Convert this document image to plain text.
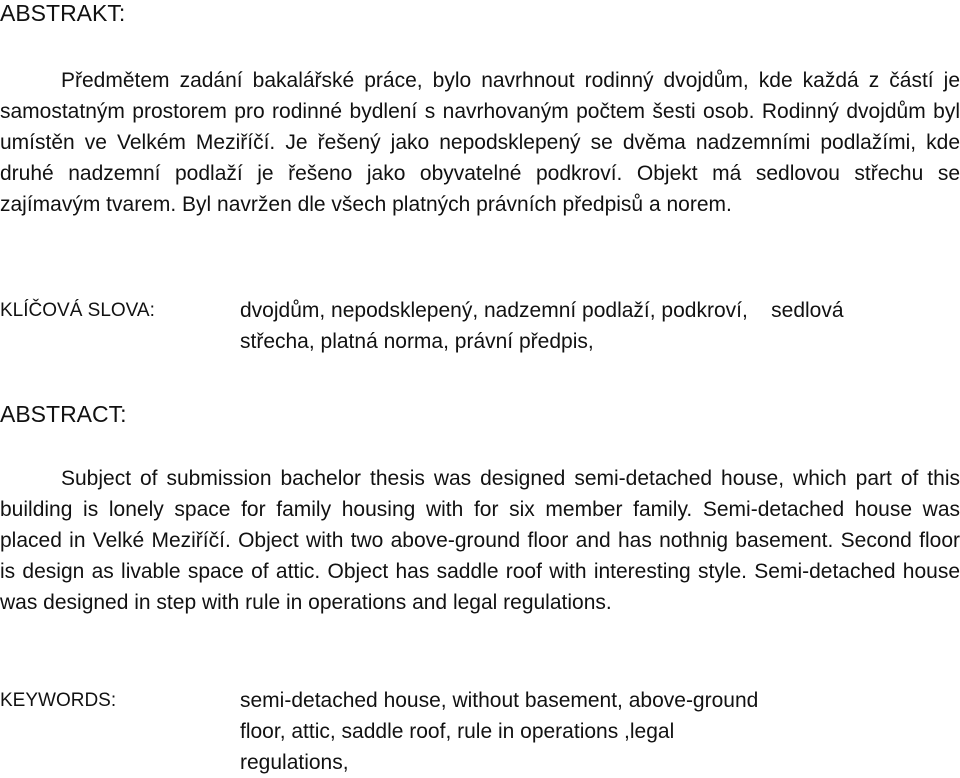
ABSTRAKT:

Předmětem zadání bakalářské práce, bylo navrhnout rodinný dvojdům, kde každá z částí je samostatným prostorem pro rodinné bydlení s navrhovaným počtem šesti osob. Rodinný dvojdům byl umístěn ve Velkém Meziříčí. Je řešený jako nepodsklepený se dvěma nadzemními podlažími, kde druhé nadzemní podlaží je řešeno jako obyvatelné podkroví. Objekt má sedlovou střechu se zajímavým tvarem. Byl navržen dle všech platných právních předpisů a norem.

KLÍČOVÁ SLOVA:	dvojdům, nepodsklepený, nadzemní podlaží, podkroví,    sedlová
střecha, platná norma, právní předpis,
ABSTRACT:

Subject of submission bachelor thesis was designed semi-detached house, which part of this building is lonely space for family housing with for six member family. Semi-detached house was placed in Velké Meziříčí. Object with two above-ground floor and has nothnig basement. Second floor is design as livable space of attic. Object has saddle roof with interesting style. Semi-detached house was designed in step with rule in operations and legal regulations.

KEYWORDS:	semi-detached house, without basement, above-ground
floor, attic, saddle roof, rule in operations ,legal
regulations,
